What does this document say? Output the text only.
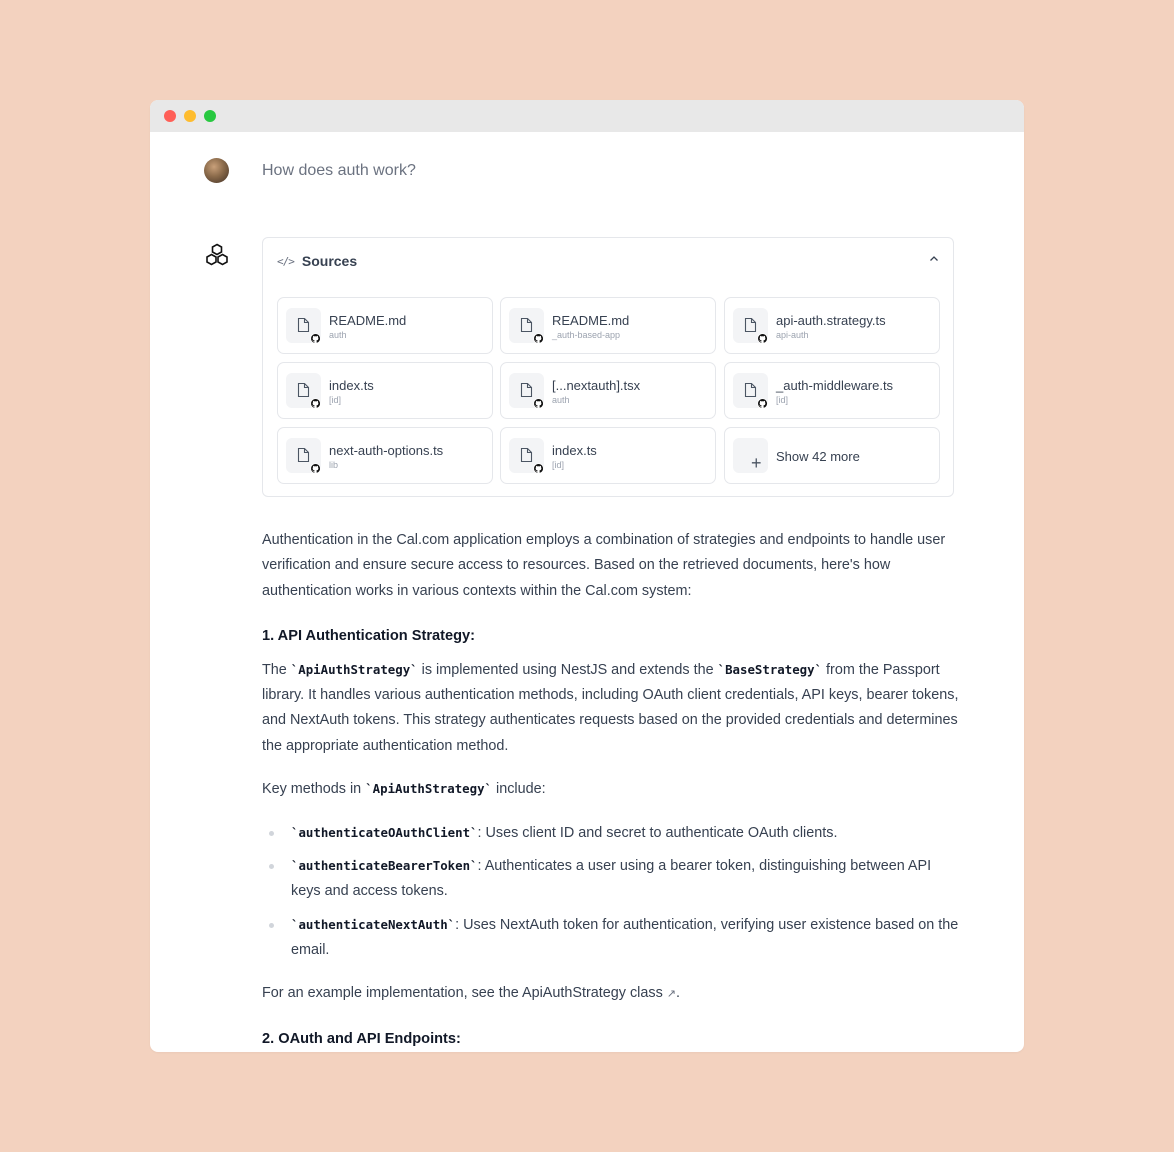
How does auth work?
</> Sources
README.md
auth
README.md
_auth-based-app
api-auth.strategy.ts
api-auth
index.ts
[id]
[...nextauth].tsx
auth
_auth-middleware.ts
[id]
next-auth-options.ts
lib
index.ts
[id]	+ Show 42 more

Authentication in the Cal.com application employs a combination of strategies and endpoints to handle user verification and ensure secure access to resources. Based on the retrieved documents, here's how authentication works in various contexts within the Cal.com system:

1. API Authentication Strategy:

The `ApiAuthStrategy` is implemented using NestJS and extends the `BaseStrategy` from the Passport library. It handles various authentication methods, including OAuth client credentials, API keys, bearer tokens, and NextAuth tokens. This strategy authenticates requests based on the provided credentials and determines the appropriate authentication method.

Key methods in `ApiAuthStrategy` include:

`authenticateOAuthClient`: Uses client ID and secret to authenticate OAuth clients.
`authenticateBearerToken`: Authenticates a user using a bearer token, distinguishing between API keys and access tokens.
`authenticateNextAuth`: Uses NextAuth token for authentication, verifying user existence based on the email.

For an example implementation, see the ApiAuthStrategy class ↗.

2. OAuth and API Endpoints:
